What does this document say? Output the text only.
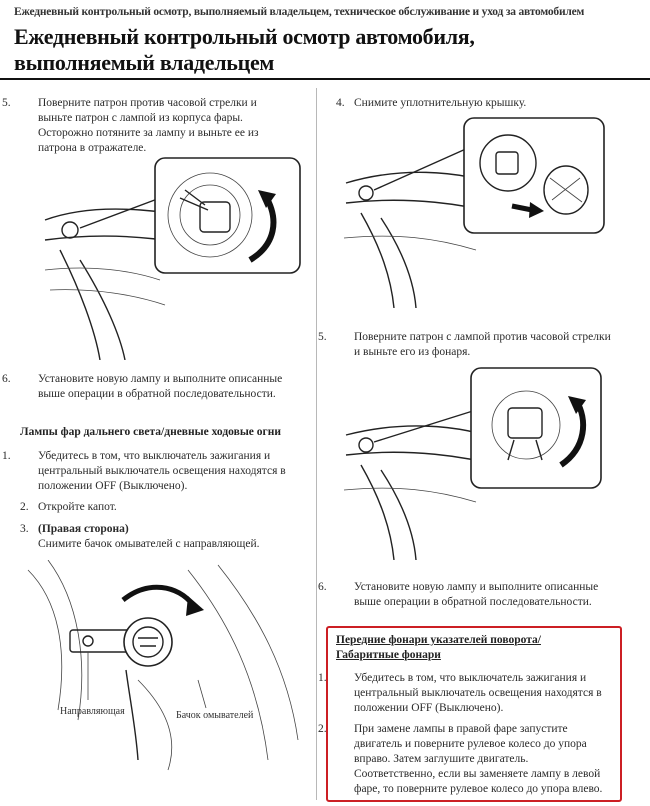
Ежедневный контрольный осмотр, выполняемый владельцем, техническое обслуживание и уход за автомобилем
Ежедневный контрольный осмотр автомобиля,
выполняемый владельцем
5. Поверните патрон против часовой стрелки и выньте патрон с лампой из корпуса фары. Осторожно потяните за лампу и выньте ее из патрона в отражателе.
6. Установите новую лампу и выполните описанные выше операции в обратной последовательности.
Лампы фар дальнего света/дневные ходовые огни
1. Убедитесь в том, что выключатель зажигания и центральный выключатель освещения находятся в положении OFF (Выключено).
2. Откройте капот.
3. (Правая сторона)
Снимите бачок омывателей с направляющей.
Направляющая	Бачок омывателей
4. Снимите уплотнительную крышку.
5. Поверните патрон с лампой против часовой стрелки и выньте его из фонаря.
6. Установите новую лампу и выполните описанные выше операции в обратной последовательности.
Передние фонари указателей поворота/
Габаритные фонари
1. Убедитесь в том, что выключатель зажигания и центральный выключатель освещения находятся в положении OFF (Выключено).
2. При замене лампы в правой фаре запустите двигатель и поверните рулевое колесо до упора вправо. Затем заглушите двигатель. Соответственно, если вы заменяете лампу в левой фаре, то поверните рулевое колесо до упора влево.
